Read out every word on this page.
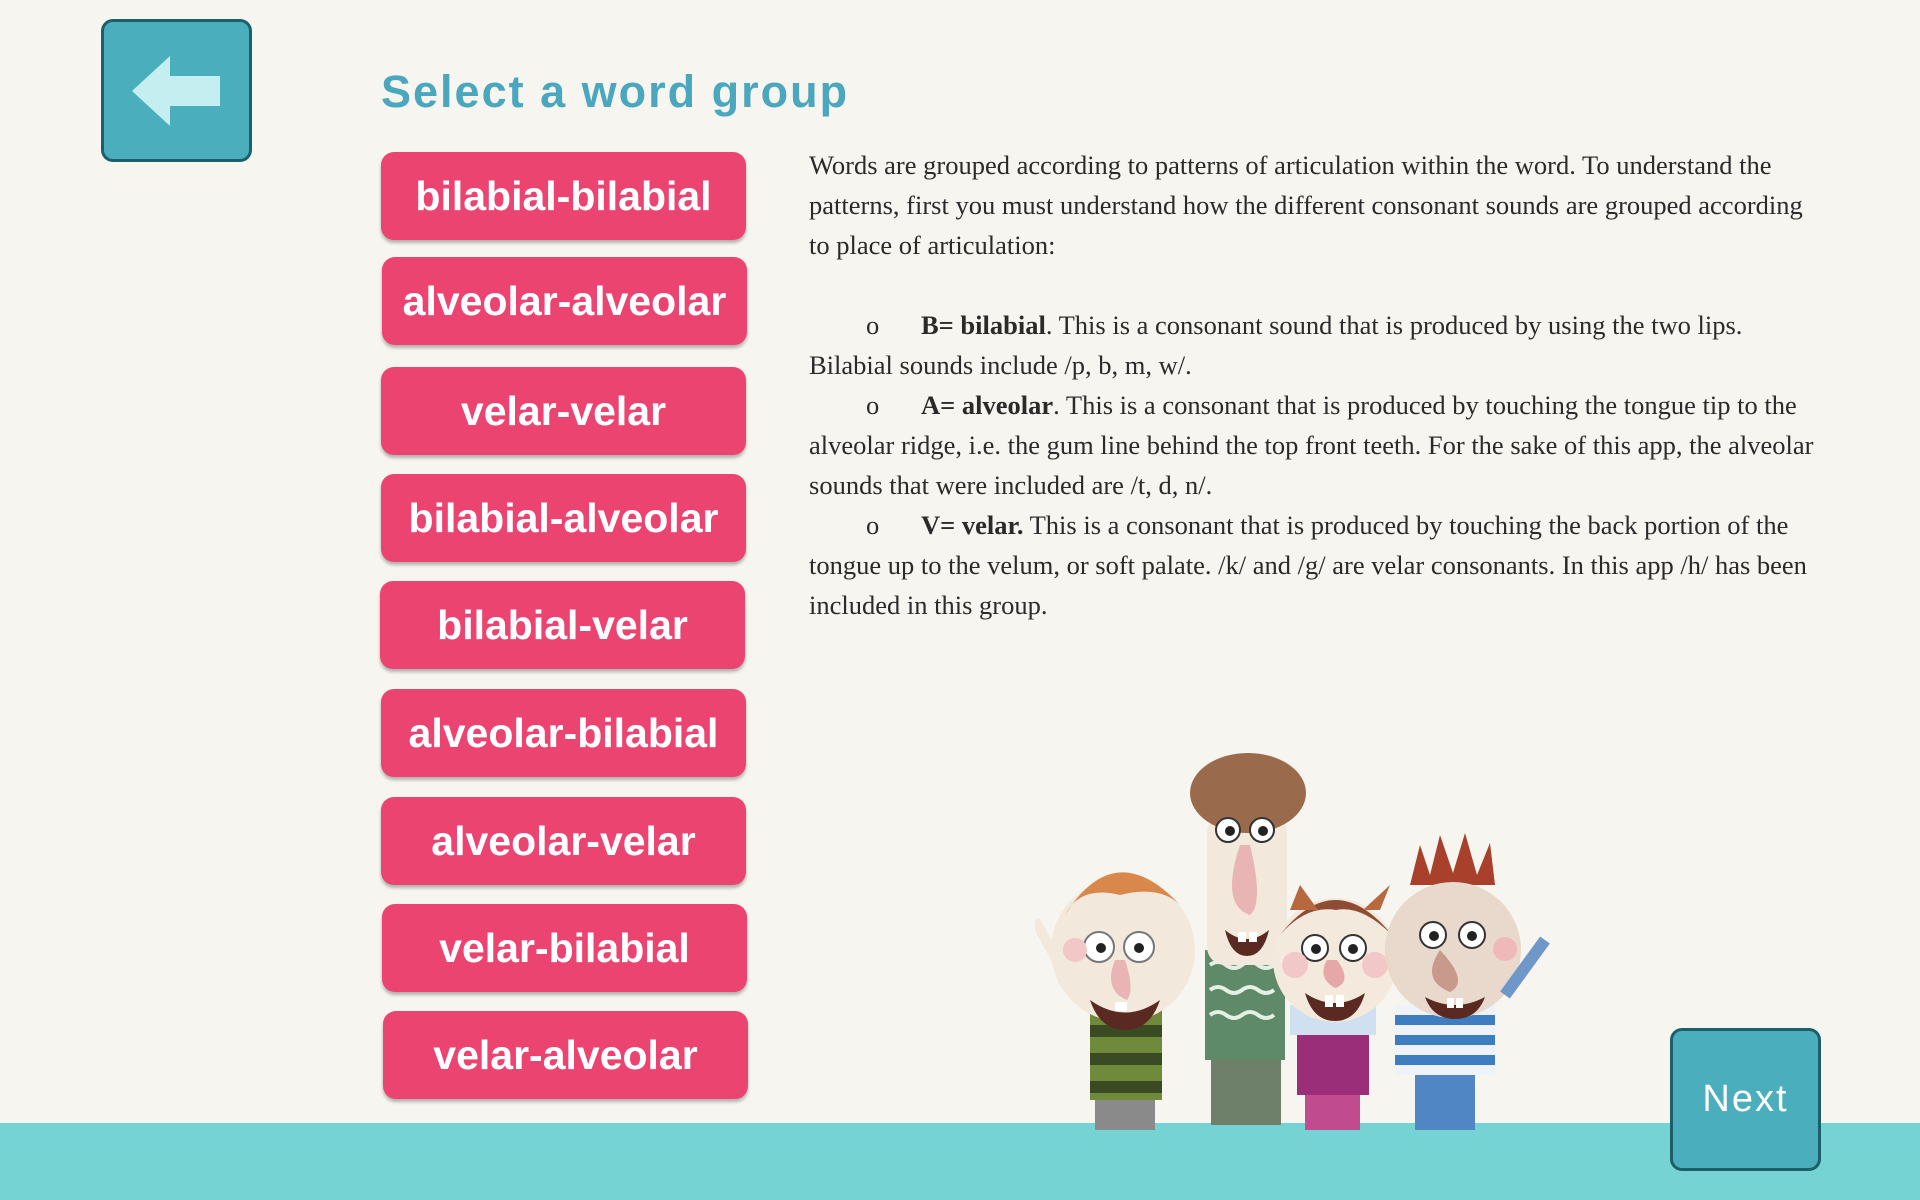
Select a word group
bilabial-bilabial
alveolar-alveolar
velar-velar
bilabial-alveolar
bilabial-velar
alveolar-bilabial
alveolar-velar
velar-bilabial
velar-alveolar

Words are grouped according to patterns of articulation within the word. To understand the patterns, first you must understand how the different consonant sounds are grouped according to place of articulation:

o B= bilabial. This is a consonant sound that is produced by using the two lips. Bilabial sounds include /p, b, m, w/.

o A= alveolar. This is a consonant that is produced by touching the tongue tip to the alveolar ridge, i.e. the gum line behind the top front teeth. For the sake of this app, the alveolar sounds that were included are /t, d, n/.

o V= velar. This is a consonant that is produced by touching the back portion of the tongue up to the velum, or soft palate. /k/ and /g/ are velar consonants. In this app /h/ has been included in this group.

Next
